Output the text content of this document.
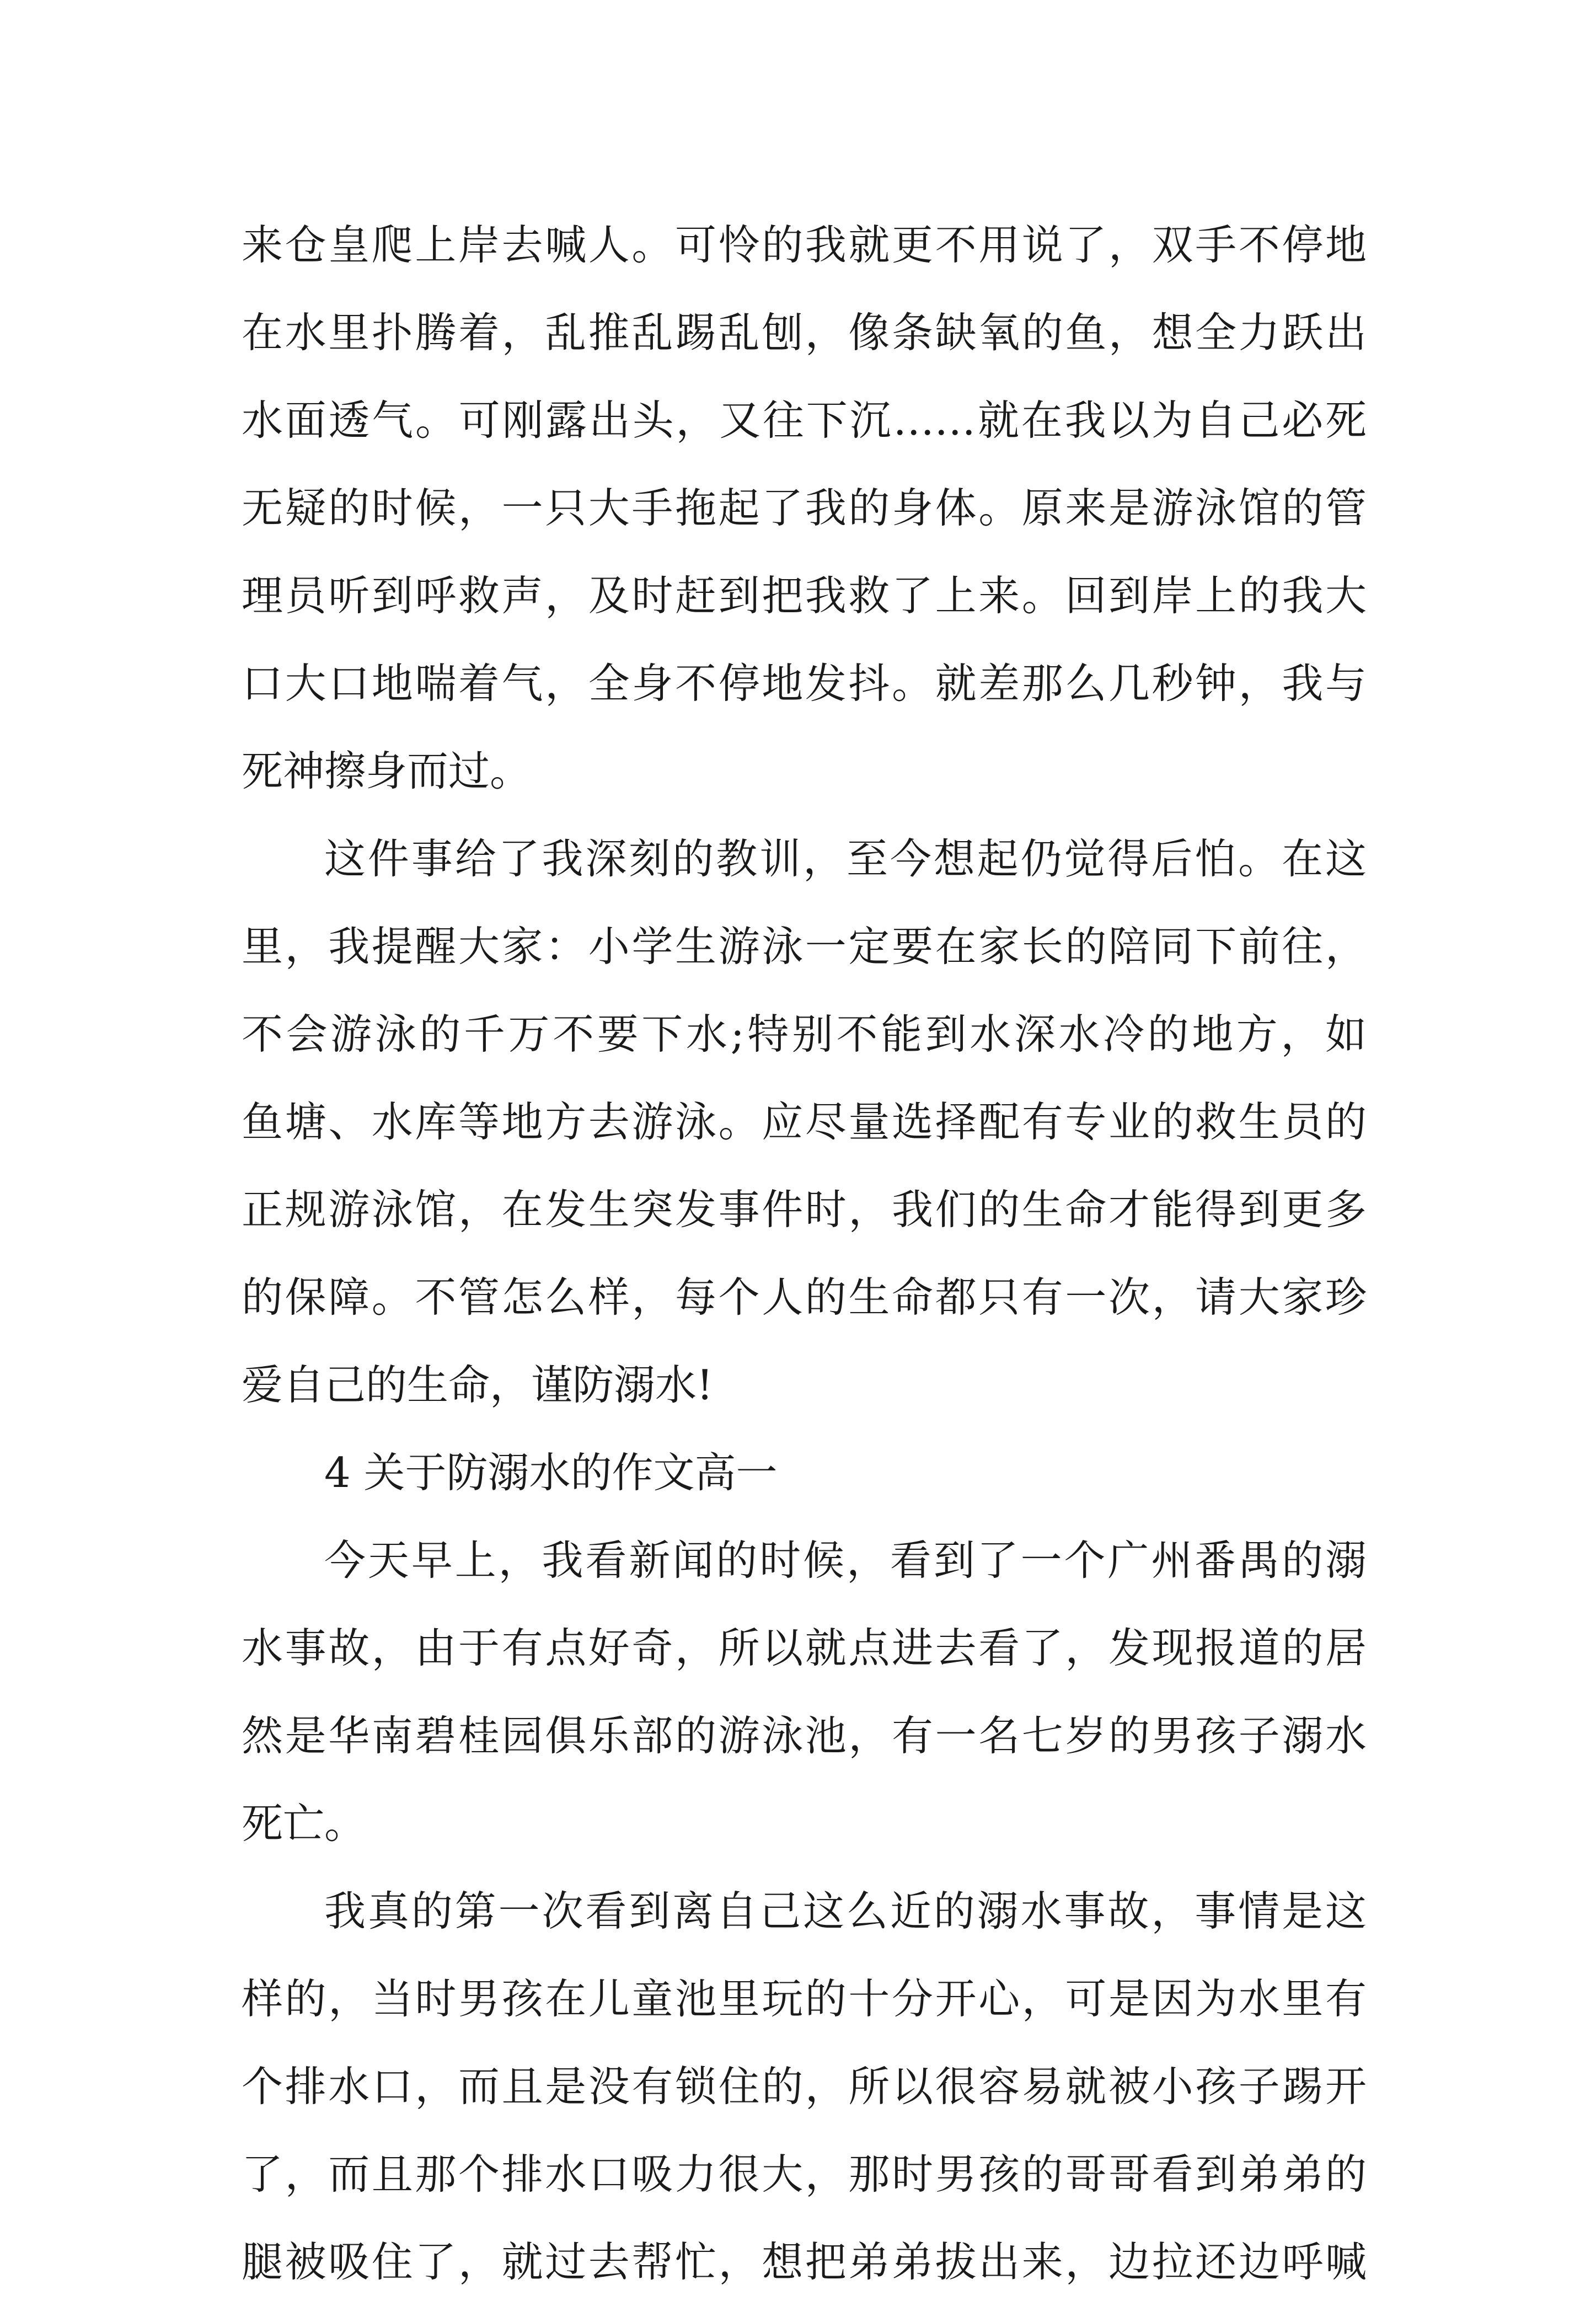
来仓皇爬上岸去喊人。可怜的我就更不用说了，双手不停地
在水里扑腾着，乱推乱踢乱刨，像条缺氧的鱼，想全力跃出
水面透气。可刚露出头，又往下沉……就在我以为自己必死
无疑的时候，一只大手拖起了我的身体。原来是游泳馆的管
理员听到呼救声，及时赶到把我救了上来。回到岸上的我大
口大口地喘着气，全身不停地发抖。就差那么几秒钟，我与
死神擦身而过。
这件事给了我深刻的教训，至今想起仍觉得后怕。在这
里，我提醒大家：小学生游泳一定要在家长的陪同下前往，
不会游泳的千万不要下水;特别不能到水深水冷的地方，如
鱼塘、水库等地方去游泳。应尽量选择配有专业的救生员的
正规游泳馆，在发生突发事件时，我们的生命才能得到更多
的保障。不管怎么样，每个人的生命都只有一次，请大家珍
爱自己的生命，谨防溺水!
4 关于防溺水的作文高一
今天早上，我看新闻的时候，看到了一个广州番禺的溺
水事故，由于有点好奇，所以就点进去看了，发现报道的居
然是华南碧桂园俱乐部的游泳池，有一名七岁的男孩子溺水
死亡。
我真的第一次看到离自己这么近的溺水事故，事情是这
样的，当时男孩在儿童池里玩的十分开心，可是因为水里有
个排水口，而且是没有锁住的，所以很容易就被小孩子踢开
了，而且那个排水口吸力很大，那时男孩的哥哥看到弟弟的
腿被吸住了，就过去帮忙，想把弟弟拔出来，边拉还边呼喊
